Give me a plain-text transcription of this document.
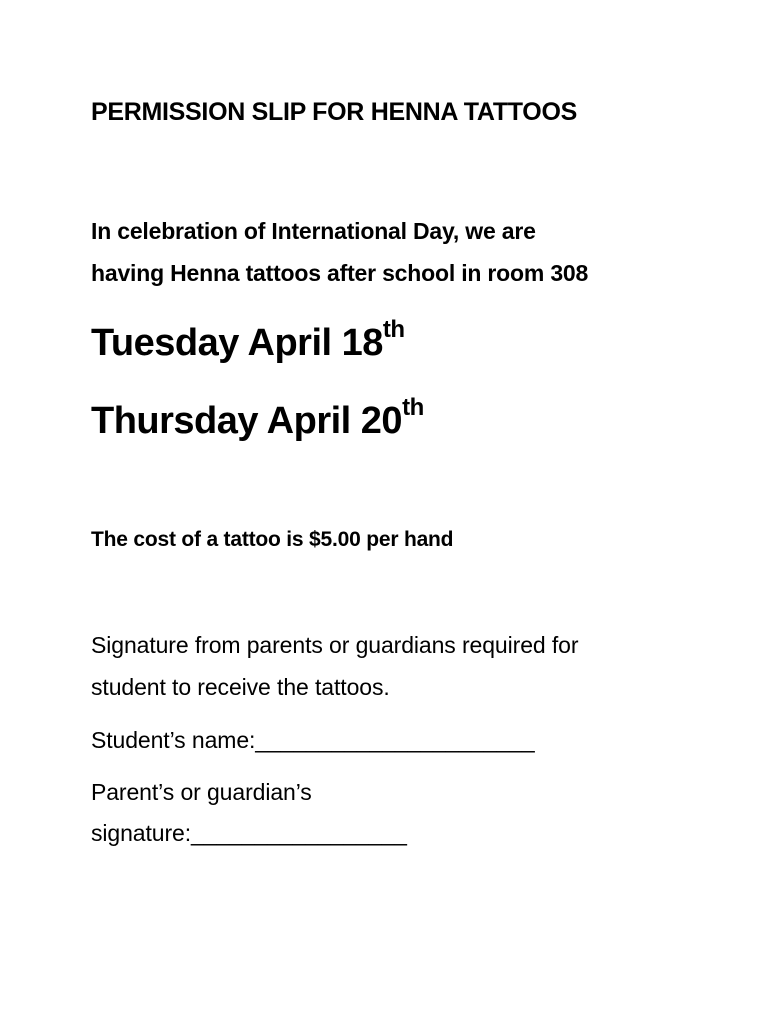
PERMISSION SLIP FOR HENNA TATTOOS
In celebration of International Day, we are
having Henna tattoos after school in room 308
Tuesday April 18th
Thursday April 20th
The cost of a tattoo is $5.00 per hand
Signature from parents or guardians required for
student to receive the tattoos.
Student’s name:______________________
Parent’s or guardian’s
signature:_________________
